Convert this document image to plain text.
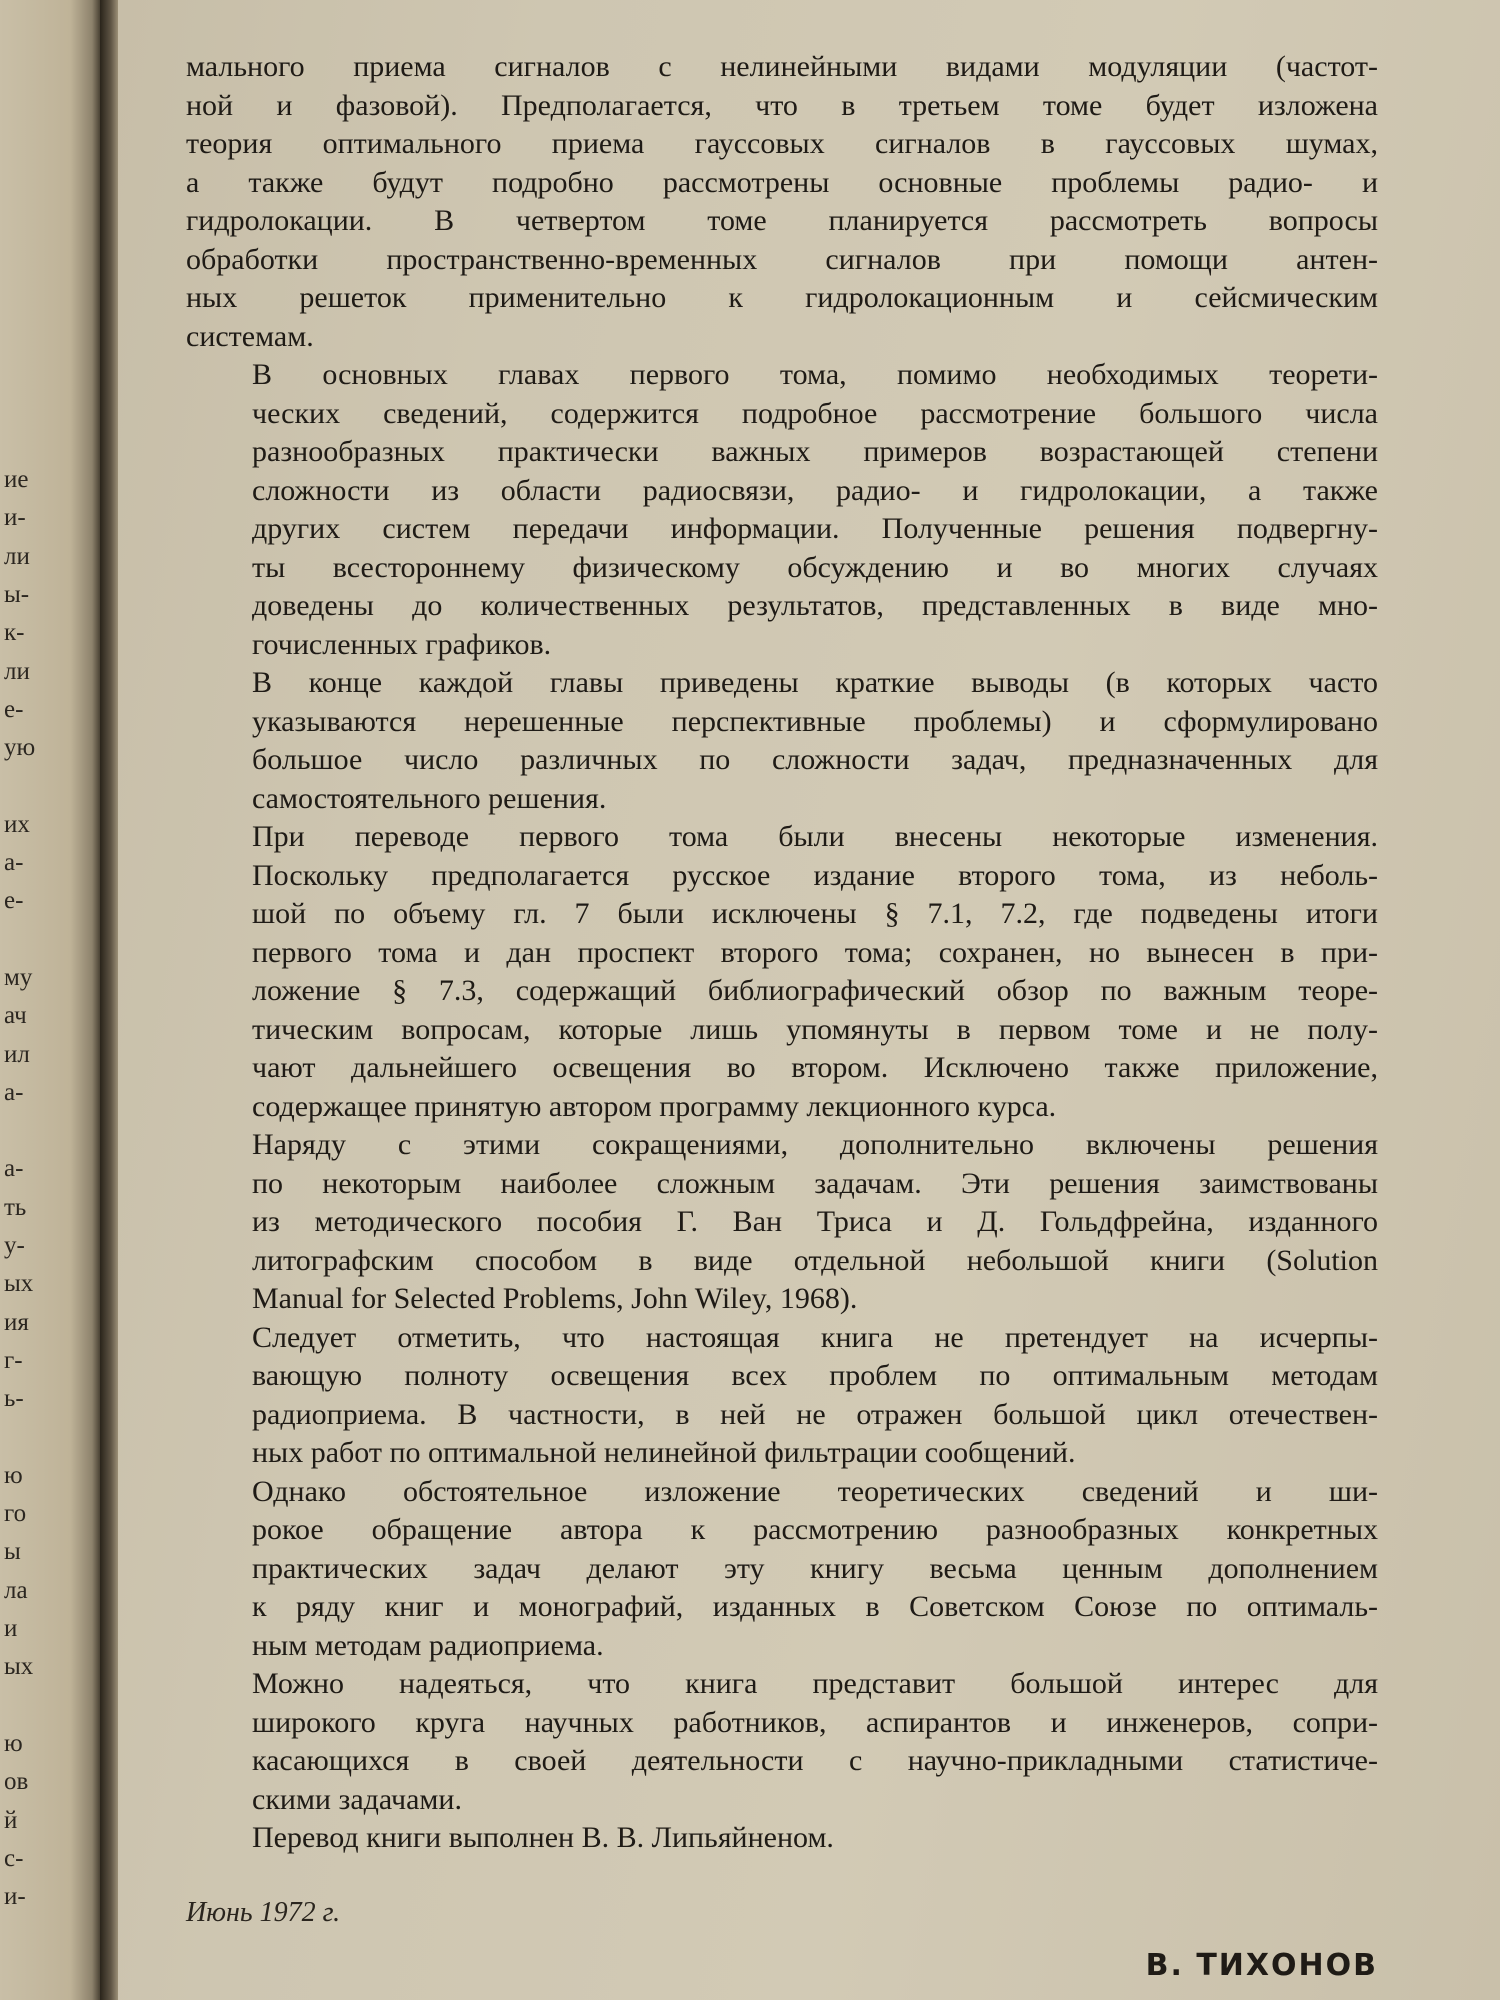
ие
и-
ли
ы-
к-
ли
е-
ую
их
а-
е-
му
ач
ил
а-
а-
ть
у-
ых
ия
г-
ь-
ю
го
ы
ла
и
ых
ю
ов
й
с-
и-
мального приема сигналов с нелинейными видами модуляции (частот-
ной и фазовой). Предполагается, что в третьем томе будет изложена
теория оптимального приема гауссовых сигналов в гауссовых шумах,
а также будут подробно рассмотрены основные проблемы радио- и
гидролокации. В четвертом томе планируется рассмотреть вопросы
обработки пространственно-временных сигналов при помощи антен-
ных решеток применительно к гидролокационным и сейсмическим
системам.
В основных главах первого тома, помимо необходимых теорети-
ческих сведений, содержится подробное рассмотрение большого числа
разнообразных практически важных примеров возрастающей степени
сложности из области радиосвязи, радио- и гидролокации, а также
других систем передачи информации. Полученные решения подвергну-
ты всестороннему физическому обсуждению и во многих случаях
доведены до количественных результатов, представленных в виде мно-
гочисленных графиков.
В конце каждой главы приведены краткие выводы (в которых часто
указываются нерешенные перспективные проблемы) и сформулировано
большое число различных по сложности задач, предназначенных для
самостоятельного решения.
При переводе первого тома были внесены некоторые изменения.
Поскольку предполагается русское издание второго тома, из неболь-
шой по объему гл. 7 были исключены § 7.1, 7.2, где подведены итоги
первого тома и дан проспект второго тома; сохранен, но вынесен в при-
ложение § 7.3, содержащий библиографический обзор по важным теоре-
тическим вопросам, которые лишь упомянуты в первом томе и не полу-
чают дальнейшего освещения во втором. Исключено также приложение,
содержащее принятую автором программу лекционного курса.
Наряду с этими сокращениями, дополнительно включены решения
по некоторым наиболее сложным задачам. Эти решения заимствованы
из методического пособия Г. Ван Триса и Д. Гольдфрейна, изданного
литографским способом в виде отдельной небольшой книги (Solution
Manual for Selected Problems, John Wiley, 1968).
Следует отметить, что настоящая книга не претендует на исчерпы-
вающую полноту освещения всех проблем по оптимальным методам
радиоприема. В частности, в ней не отражен большой цикл отечествен-
ных работ по оптимальной нелинейной фильтрации сообщений.
Однако обстоятельное изложение теоретических сведений и ши-
рокое обращение автора к рассмотрению разнообразных конкретных
практических задач делают эту книгу весьма ценным дополнением
к ряду книг и монографий, изданных в Советском Союзе по оптималь-
ным методам радиоприема.
Можно надеяться, что книга представит большой интерес для
широкого круга научных работников, аспирантов и инженеров, сопри-
касающихся в своей деятельности с научно-прикладными статистиче-
скими задачами.
Перевод книги выполнен В. В. Липьяйненом.
Июнь 1972 г.
В. ТИХОНОВ
